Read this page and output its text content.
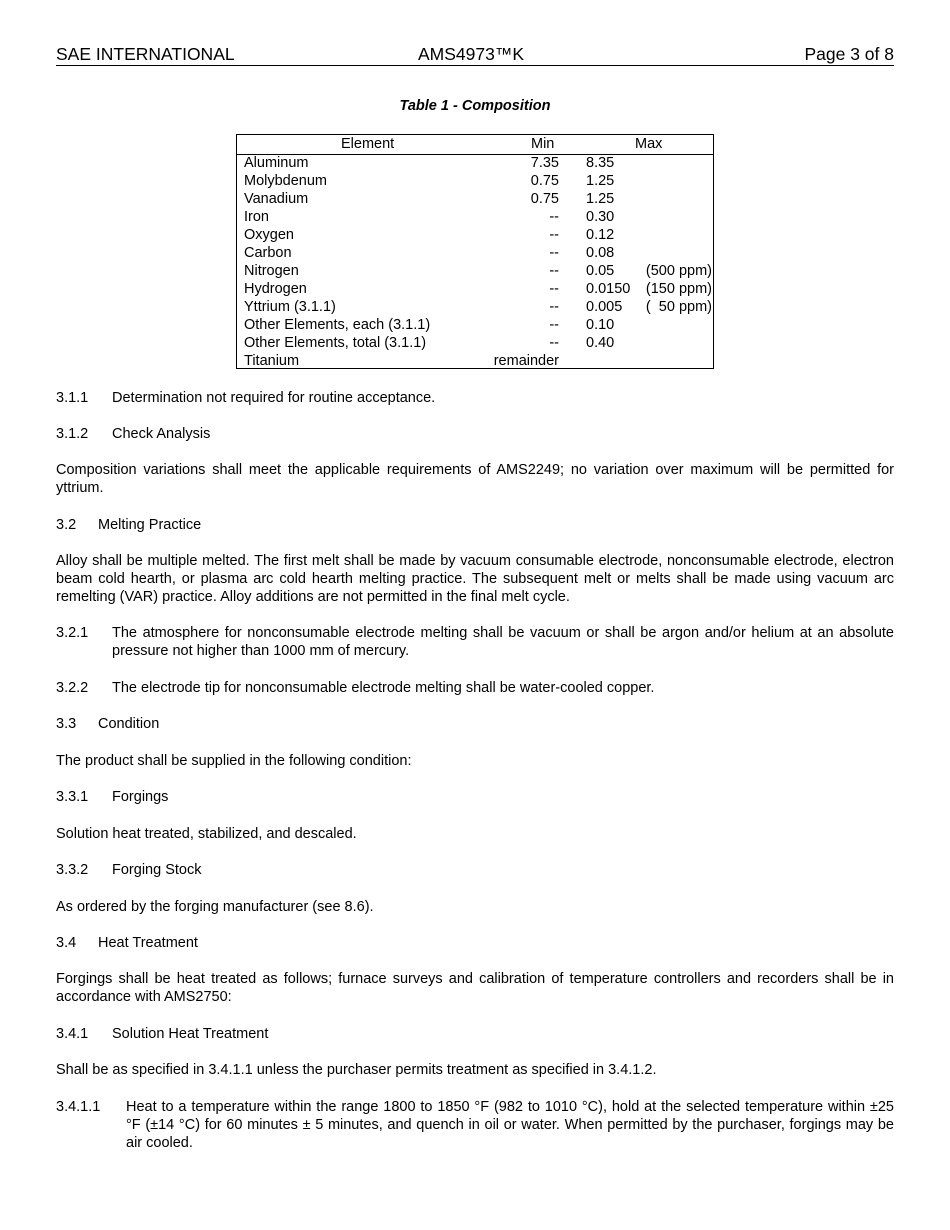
SAE INTERNATIONAL	AMS4973™K	Page 3 of 8
Table 1 - Composition
Element	Min	Max
Aluminum	7.35 8.35
Molybdenum	0.75 1.25
Vanadium	0.75 1.25
Iron	-- 0.30
Oxygen	-- 0.12
Carbon	-- 0.08
Nitrogen	-- 0.05 (500 ppm)
Hydrogen	-- 0.0150 (150 ppm)
Yttrium (3.1.1)	-- 0.005 (  50 ppm)
Other Elements, each (3.1.1)	-- 0.10
Other Elements, total (3.1.1)	-- 0.40
Titanium	remainder
3.1.1 Determination not required for routine acceptance.
3.1.2 Check Analysis
Composition variations shall meet the applicable requirements of AMS2249; no variation over maximum will be permitted for yttrium.
3.2 Melting Practice
Alloy shall be multiple melted. The first melt shall be made by vacuum consumable electrode, nonconsumable electrode, electron beam cold hearth, or plasma arc cold hearth melting practice. The subsequent melt or melts shall be made using vacuum arc remelting (VAR) practice. Alloy additions are not permitted in the final melt cycle.
3.2.1 The atmosphere for nonconsumable electrode melting shall be vacuum or shall be argon and/or helium at an absolute pressure not higher than 1000 mm of mercury.
3.2.2 The electrode tip for nonconsumable electrode melting shall be water-cooled copper.
3.3 Condition
The product shall be supplied in the following condition:
3.3.1 Forgings
Solution heat treated, stabilized, and descaled.
3.3.2 Forging Stock
As ordered by the forging manufacturer (see 8.6).
3.4 Heat Treatment
Forgings shall be heat treated as follows; furnace surveys and calibration of temperature controllers and recorders shall be in accordance with AMS2750:
3.4.1 Solution Heat Treatment
Shall be as specified in 3.4.1.1 unless the purchaser permits treatment as specified in 3.4.1.2.
3.4.1.1 Heat to a temperature within the range 1800 to 1850 °F (982 to 1010 °C), hold at the selected temperature within ±25 °F (±14 °C) for 60 minutes ± 5 minutes, and quench in oil or water. When permitted by the purchaser, forgings may be air cooled.
